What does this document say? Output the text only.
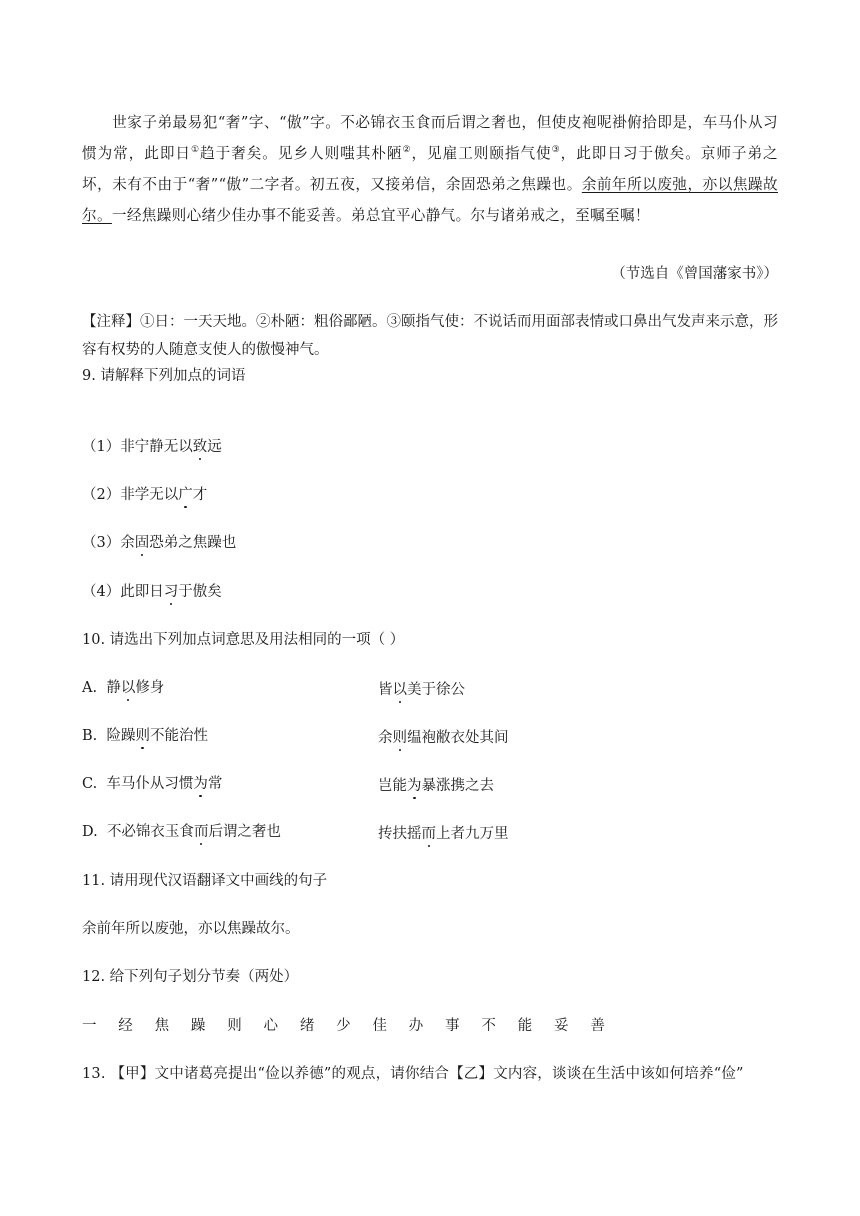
世家子弟最易犯“奢”字、“傲”字。不必锦衣玉食而后谓之奢也，但使皮袍呢褂俯拾即是，车马仆从习惯为常，此即日①趋于奢矣。见乡人则嗤其朴陋②，见雇工则颐指气使③，此即日习于傲矣。京师子弟之坏，未有不由于“奢”“傲”二字者。初五夜，又接弟信，余固恐弟之焦躁也。余前年所以废弛，亦以焦躁故尔。一经焦躁则心绪少佳办事不能妥善。弟总宜平心静气。尔与诸弟戒之，至嘱至嘱！
（节选自《曾国藩家书》）
【注释】①日：一天天地。②朴陋：粗俗鄙陋。③颐指气使：不说话而用面部表情或口鼻出气发声来示意，形容有权势的人随意支使人的傲慢神气。
9. 请解释下列加点的词语
（1）非宁静无以致远
（2）非学无以广才
（3）余固恐弟之焦躁也
（4）此即日习于傲矣
10. 请选出下列加点词意思及用法相同的一项（ ）
A. 静以修身	皆以美于徐公
B. 险躁则不能治性	余则缊袍敝衣处其间
C. 车马仆从习惯为常	岂能为暴涨携之去
D. 不必锦衣玉食而后谓之奢也	抟扶摇而上者九万里
11. 请用现代汉语翻译文中画线的句子
余前年所以废弛，亦以焦躁故尔。
12. 给下列句子划分节奏（两处）
一 经 焦 躁 则 心 绪 少 佳 办 事 不 能 妥 善
13. 【甲】文中诸葛亮提出“俭以养德”的观点，请你结合【乙】文内容，谈谈在生活中该如何培养“俭”
